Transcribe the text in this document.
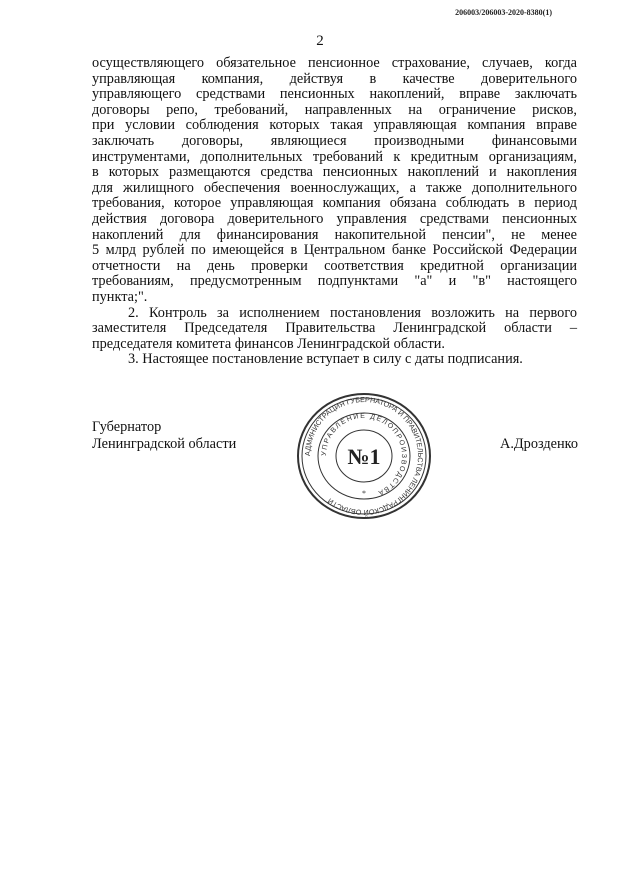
206003/206003-2020-8380(1)
2
осуществляющего обязательное пенсионное страхование, случаев, когда
управляющая компания, действуя в качестве доверительного
управляющего средствами пенсионных накоплений, вправе заключать
договоры репо, требований, направленных на ограничение рисков,
при условии соблюдения которых такая управляющая компания вправе
заключать договоры, являющиеся производными финансовыми
инструментами, дополнительных требований к кредитным организациям,
в которых размещаются средства пенсионных накоплений и накопления
для жилищного обеспечения военнослужащих, а также дополнительного
требования, которое управляющая компания обязана соблюдать в период
действия договора доверительного управления средствами пенсионных
накоплений для финансирования накопительной пенсии", не менее
5 млрд рублей по имеющейся в Центральном банке Российской Федерации
отчетности на день проверки соответствия кредитной организации
требованиям, предусмотренным подпунктами "а" и "в" настоящего
пункта;".
2. Контроль за исполнением постановления возложить на первого
заместителя Председателя Правительства Ленинградской области –
председателя комитета финансов Ленинградской области.
3. Настоящее постановление вступает в силу с даты подписания.
Губернатор
Ленинградской области	А.Дрозденко
АДМИНИСТРАЦИЯ ГУБЕРНАТОРА И ПРАВИТЕЛЬСТВА ЛЕНИНГРАДСКОЙ ОБЛАСТИ
УПРАВЛЕНИЕ ДЕЛОПРОИЗВОДСТВА
№1
*
